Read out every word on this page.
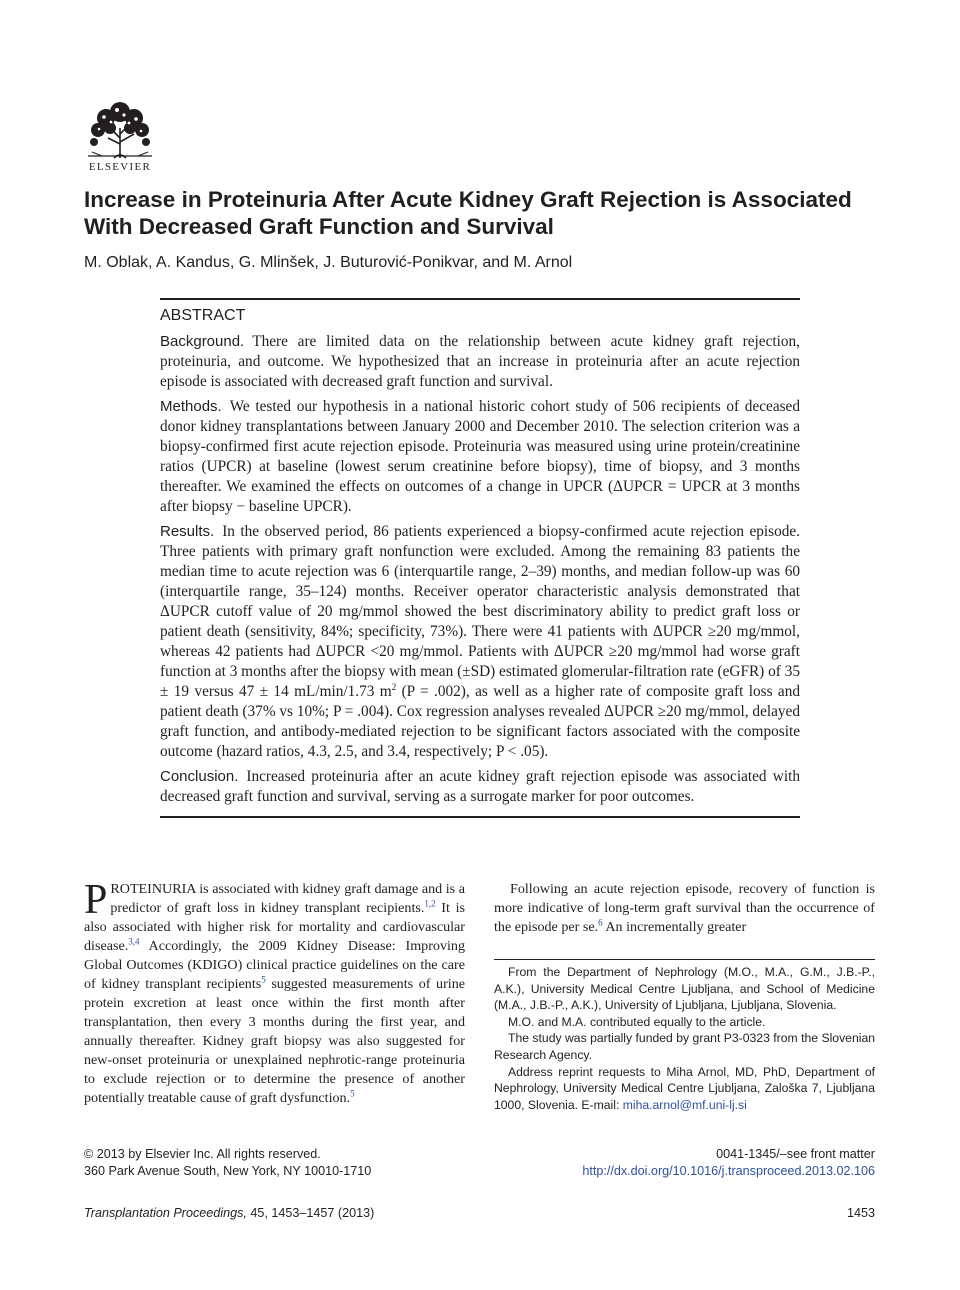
ELSEVIER
Increase in Proteinuria After Acute Kidney Graft Rejection is Associated With Decreased Graft Function and Survival
M. Oblak, A. Kandus, G. Mlinšek, J. Buturović-Ponikvar, and M. Arnol
ABSTRACT

Background. There are limited data on the relationship between acute kidney graft rejection, proteinuria, and outcome. We hypothesized that an increase in proteinuria after an acute rejection episode is associated with decreased graft function and survival.

Methods. We tested our hypothesis in a national historic cohort study of 506 recipients of deceased donor kidney transplantations between January 2000 and December 2010. The selection criterion was a biopsy-confirmed first acute rejection episode. Proteinuria was measured using urine protein/creatinine ratios (UPCR) at baseline (lowest serum creatinine before biopsy), time of biopsy, and 3 months thereafter. We examined the effects on outcomes of a change in UPCR (ΔUPCR = UPCR at 3 months after biopsy − baseline UPCR).

Results. In the observed period, 86 patients experienced a biopsy-confirmed acute rejection episode. Three patients with primary graft nonfunction were excluded. Among the remaining 83 patients the median time to acute rejection was 6 (interquartile range, 2–39) months, and median follow-up was 60 (interquartile range, 35–124) months. Receiver operator characteristic analysis demonstrated that ΔUPCR cutoff value of 20 mg/mmol showed the best discriminatory ability to predict graft loss or patient death (sensitivity, 84%; specificity, 73%). There were 41 patients with ΔUPCR ≥20 mg/mmol, whereas 42 patients had ΔUPCR <20 mg/mmol. Patients with ΔUPCR ≥20 mg/mmol had worse graft function at 3 months after the biopsy with mean (±SD) estimated glomerular-filtration rate (eGFR) of 35 ± 19 versus 47 ± 14 mL/min/1.73 $m^2$ (P = .002), as well as a higher rate of composite graft loss and patient death (37% vs 10%; P = .004). Cox regression analyses revealed ΔUPCR ≥20 mg/mmol, delayed graft function, and antibody-mediated rejection to be significant factors associated with the composite outcome (hazard ratios, 4.3, 2.5, and 3.4, respectively; P < .05).

Conclusion. Increased proteinuria after an acute kidney graft rejection episode was associated with decreased graft function and survival, serving as a surrogate marker for poor outcomes.

PROTEINURIA is associated with kidney graft damage and is a predictor of graft loss in kidney transplant recipients.$^{1,2}$ It is also associated with higher risk for mortality and cardiovascular disease.$^{3,4}$ Accordingly, the 2009 Kidney Disease: Improving Global Outcomes (KDIGO) clinical practice guidelines on the care of kidney transplant recipients$^5$ suggested measurements of urine protein excretion at least once within the first month after transplantation, then every 3 months during the first year, and annually thereafter. Kidney graft biopsy was also suggested for new-onset proteinuria or unexplained nephrotic-range proteinuria to exclude rejection or to determine the presence of another potentially treatable cause of graft dysfunction.$^5$

Following an acute rejection episode, recovery of function is more indicative of long-term graft survival than the occurrence of the episode per se.$^6$ An incrementally greater

From the Department of Nephrology (M.O., M.A., G.M., J.B.-P., A.K.), University Medical Centre Ljubljana, and School of Medicine (M.A., J.B.-P., A.K.), University of Ljubljana, Ljubljana, Slovenia.

M.O. and M.A. contributed equally to the article.

The study was partially funded by grant P3-0323 from the Slovenian Research Agency.

Address reprint requests to Miha Arnol, MD, PhD, Department of Nephrology, University Medical Centre Ljubljana, Zaloška 7, Ljubljana 1000, Slovenia. E-mail: miha.arnol@mf.uni-lj.si

© 2013 by Elsevier Inc. All rights reserved.
360 Park Avenue South, New York, NY 10010-1710
0041-1345/–see front matter
http://dx.doi.org/10.1016/j.transproceed.2013.02.106
Transplantation Proceedings, 45, 1453–1457 (2013)	1453
